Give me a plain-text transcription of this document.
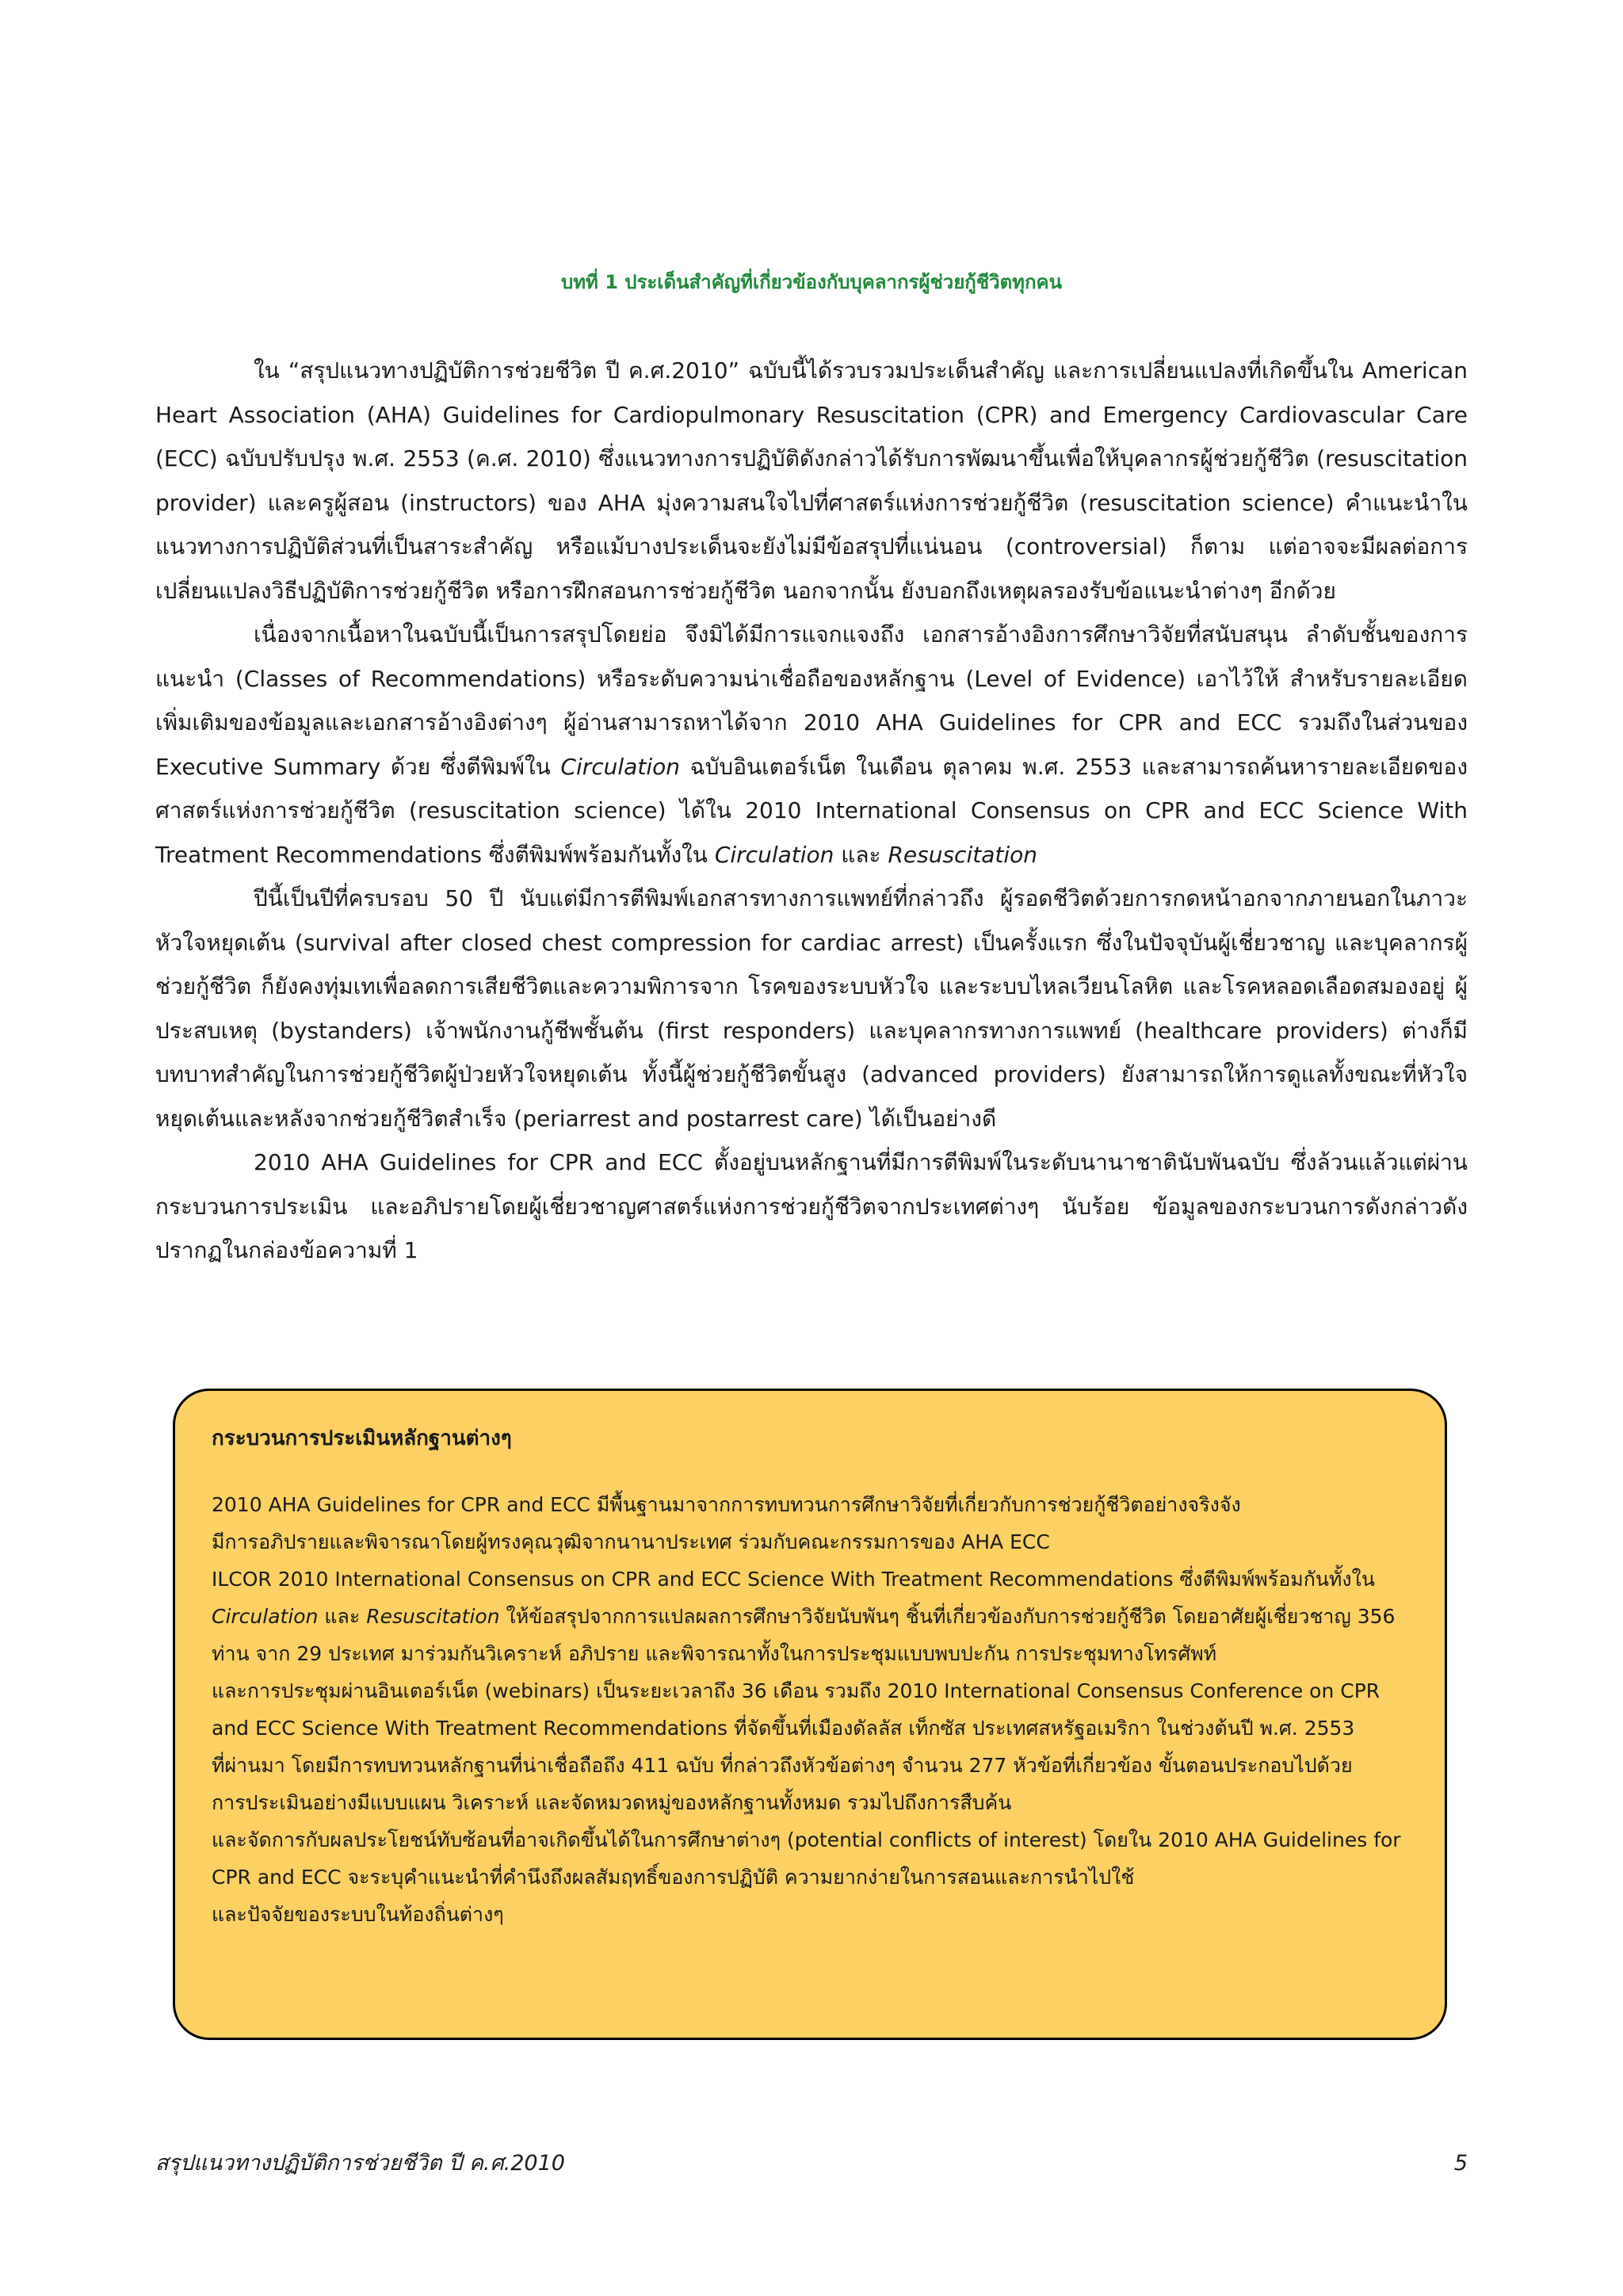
บทที่ 1 ประเด็นสำคัญที่เกี่ยวข้องกับบุคลากรผู้ช่วยกู้ชีวิตทุกคน

ใน “สรุปแนวทางปฏิบัติการช่วยชีวิต ปี ค.ศ.2010” ฉบับนี้ได้รวบรวมประเด็นสำคัญ และการเปลี่ยนแปลงที่เกิดขึ้นใน American Heart Association (AHA) Guidelines for Cardiopulmonary Resuscitation (CPR) and Emergency Cardiovascular Care (ECC) ฉบับปรับปรุง พ.ศ. 2553 (ค.ศ. 2010) ซึ่งแนวทางการปฏิบัติดังกล่าวได้รับการพัฒนาขึ้นเพื่อให้บุคลากรผู้ช่วยกู้ชีวิต (resuscitation provider) และครูผู้สอน (instructors) ของ AHA มุ่งความสนใจไปที่ศาสตร์แห่งการช่วยกู้ชีวิต (resuscitation science) คำแนะนำในแนวทางการปฏิบัติส่วนที่เป็นสาระสำคัญ หรือแม้บางประเด็นจะยังไม่มีข้อสรุปที่แน่นอน (controversial) ก็ตาม แต่อาจจะมีผลต่อการเปลี่ยนแปลงวิธีปฏิบัติการช่วยกู้ชีวิต หรือการฝึกสอนการช่วยกู้ชีวิต นอกจากนั้น ยังบอกถึงเหตุผลรองรับข้อแนะนำต่างๆ อีกด้วย

เนื่องจากเนื้อหาในฉบับนี้เป็นการสรุปโดยย่อ จึงมิได้มีการแจกแจงถึง เอกสารอ้างอิงการศึกษาวิจัยที่สนับสนุน ลำดับชั้นของการแนะนำ (Classes of Recommendations) หรือระดับความน่าเชื่อถือของหลักฐาน (Level of Evidence) เอาไว้ให้ สำหรับรายละเอียดเพิ่มเติมของข้อมูลและเอกสารอ้างอิงต่างๆ ผู้อ่านสามารถหาได้จาก 2010 AHA Guidelines for CPR and ECC รวมถึงในส่วนของ Executive Summary ด้วย ซึ่งตีพิมพ์ใน Circulation ฉบับอินเตอร์เน็ต ในเดือน ตุลาคม พ.ศ. 2553 และสามารถค้นหารายละเอียดของศาสตร์แห่งการช่วยกู้ชีวิต (resuscitation science) ได้ใน 2010 International Consensus on CPR and ECC Science With Treatment Recommendations ซึ่งตีพิมพ์พร้อมกันทั้งใน Circulation และ Resuscitation

ปีนี้เป็นปีที่ครบรอบ 50 ปี นับแต่มีการตีพิมพ์เอกสารทางการแพทย์ที่กล่าวถึง ผู้รอดชีวิตด้วยการกดหน้าอกจากภายนอกในภาวะหัวใจหยุดเต้น (survival after closed chest compression for cardiac arrest) เป็นครั้งแรก ซึ่งในปัจจุบันผู้เชี่ยวชาญ และบุคลากรผู้ช่วยกู้ชีวิต ก็ยังคงทุ่มเทเพื่อลดการเสียชีวิตและความพิการจาก โรคของระบบหัวใจ และระบบไหลเวียนโลหิต และโรคหลอดเลือดสมองอยู่ ผู้ประสบเหตุ (bystanders) เจ้าพนักงานกู้ชีพชั้นต้น (first responders) และบุคลากรทางการแพทย์ (healthcare providers) ต่างก็มีบทบาทสำคัญในการช่วยกู้ชีวิตผู้ป่วยหัวใจหยุดเต้น ทั้งนี้ผู้ช่วยกู้ชีวิตขั้นสูง (advanced providers) ยังสามารถให้การดูแลทั้งขณะที่หัวใจหยุดเต้นและหลังจากช่วยกู้ชีวิตสำเร็จ (periarrest and postarrest care) ได้เป็นอย่างดี

2010 AHA Guidelines for CPR and ECC ตั้งอยู่บนหลักฐานที่มีการตีพิมพ์ในระดับนานาชาตินับพันฉบับ ซึ่งล้วนแล้วแต่ผ่านกระบวนการประเมิน และอภิปรายโดยผู้เชี่ยวชาญศาสตร์แห่งการช่วยกู้ชีวิตจากประเทศต่างๆ นับร้อย ข้อมูลของกระบวนการดังกล่าวดังปรากฏในกล่องข้อความที่ 1

กระบวนการประเมินหลักฐานต่างๆ
2010 AHA Guidelines for CPR and ECC มีพื้นฐานมาจากการทบทวนการศึกษาวิจัยที่เกี่ยวกับการช่วยกู้ชีวิตอย่างจริงจัง
มีการอภิปรายและพิจารณาโดยผู้ทรงคุณวุฒิจากนานาประเทศ ร่วมกับคณะกรรมการของ AHA ECC
ILCOR 2010 International Consensus on CPR and ECC Science With Treatment Recommendations ซึ่งตีพิมพ์พร้อมกันทั้งใน
Circulation และ Resuscitation ให้ข้อสรุปจากการแปลผลการศึกษาวิจัยนับพันๆ ชิ้นที่เกี่ยวข้องกับการช่วยกู้ชีวิต โดยอาศัยผู้เชี่ยวชาญ 356
ท่าน จาก 29 ประเทศ มาร่วมกันวิเคราะห์ อภิปราย และพิจารณาทั้งในการประชุมแบบพบปะกัน การประชุมทางโทรศัพท์
และการประชุมผ่านอินเตอร์เน็ต (webinars) เป็นระยะเวลาถึง 36 เดือน รวมถึง 2010 International Consensus Conference on CPR
and ECC Science With Treatment Recommendations ที่จัดขึ้นที่เมืองดัลลัส เท็กซัส ประเทศสหรัฐอเมริกา ในช่วงต้นปี พ.ศ. 2553
ที่ผ่านมา โดยมีการทบทวนหลักฐานที่น่าเชื่อถือถึง 411 ฉบับ ที่กล่าวถึงหัวข้อต่างๆ จำนวน 277 หัวข้อที่เกี่ยวข้อง ขั้นตอนประกอบไปด้วย
การประเมินอย่างมีแบบแผน วิเคราะห์ และจัดหมวดหมู่ของหลักฐานทั้งหมด รวมไปถึงการสืบค้น
และจัดการกับผลประโยชน์ทับซ้อนที่อาจเกิดขึ้นได้ในการศึกษาต่างๆ (potential conflicts of interest) โดยใน 2010 AHA Guidelines for
CPR and ECC จะระบุคำแนะนำที่คำนึงถึงผลสัมฤทธิ์ของการปฏิบัติ ความยากง่ายในการสอนและการนำไปใช้
และปัจจัยของระบบในท้องถิ่นต่างๆ
สรุปแนวทางปฏิบัติการช่วยชีวิต ปี ค.ศ.2010	5
